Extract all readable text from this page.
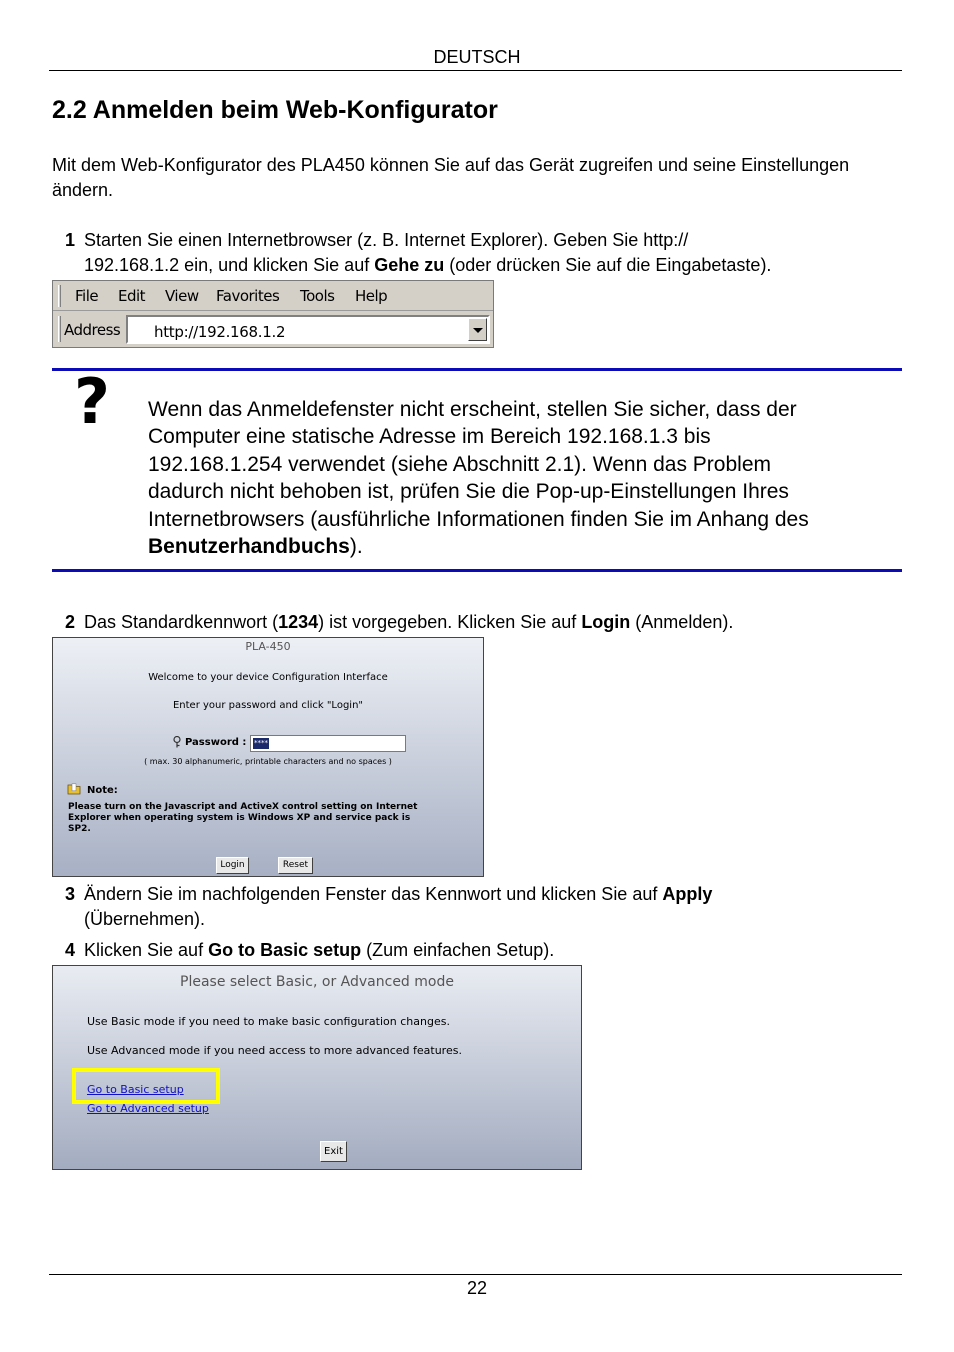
DEUTSCH
2.2 Anmelden beim Web-Konfigurator

Mit dem Web-Konfigurator des PLA450 können Sie auf das Gerät zugreifen und seine Einstellungen ändern.

1 Starten Sie einen Internetbrowser (z. B. Internet Explorer). Geben Sie http://
192.168.1.2 ein, und klicken Sie auf Gehe zu (oder drücken Sie auf die Eingabetaste).
File Edit View Favorites Tools Help
Address http://192.168.1.2
? Wenn das Anmeldefenster nicht erscheint, stellen Sie sicher, dass der
Computer eine statische Adresse im Bereich 192.168.1.3 bis
192.168.1.254 verwendet (siehe Abschnitt 2.1). Wenn das Problem
dadurch nicht behoben ist, prüfen Sie die Pop-up-Einstellungen Ihres
Internetbrowsers (ausführliche Informationen finden Sie im Anhang des
Benutzerhandbuchs).
2 Das Standardkennwort (1234) ist vorgegeben. Klicken Sie auf Login (Anmelden).
PLA-450
Welcome to your device Configuration Interface
Enter your password and click "Login"
Password : ****
( max. 30 alphanumeric, printable characters and no spaces )
Note:
Please turn on the Javascript and ActiveX control setting on Internet
Explorer when operating system is Windows XP and service pack is
SP2.
Login	Reset
3 Ändern Sie im nachfolgenden Fenster das Kennwort und klicken Sie auf Apply
(Übernehmen).
4 Klicken Sie auf Go to Basic setup (Zum einfachen Setup).
Please select Basic, or Advanced mode
Use Basic mode if you need to make basic configuration changes.
Use Advanced mode if you need access to more advanced features.
Go to Basic setup
Go to Advanced setup
Exit
22
